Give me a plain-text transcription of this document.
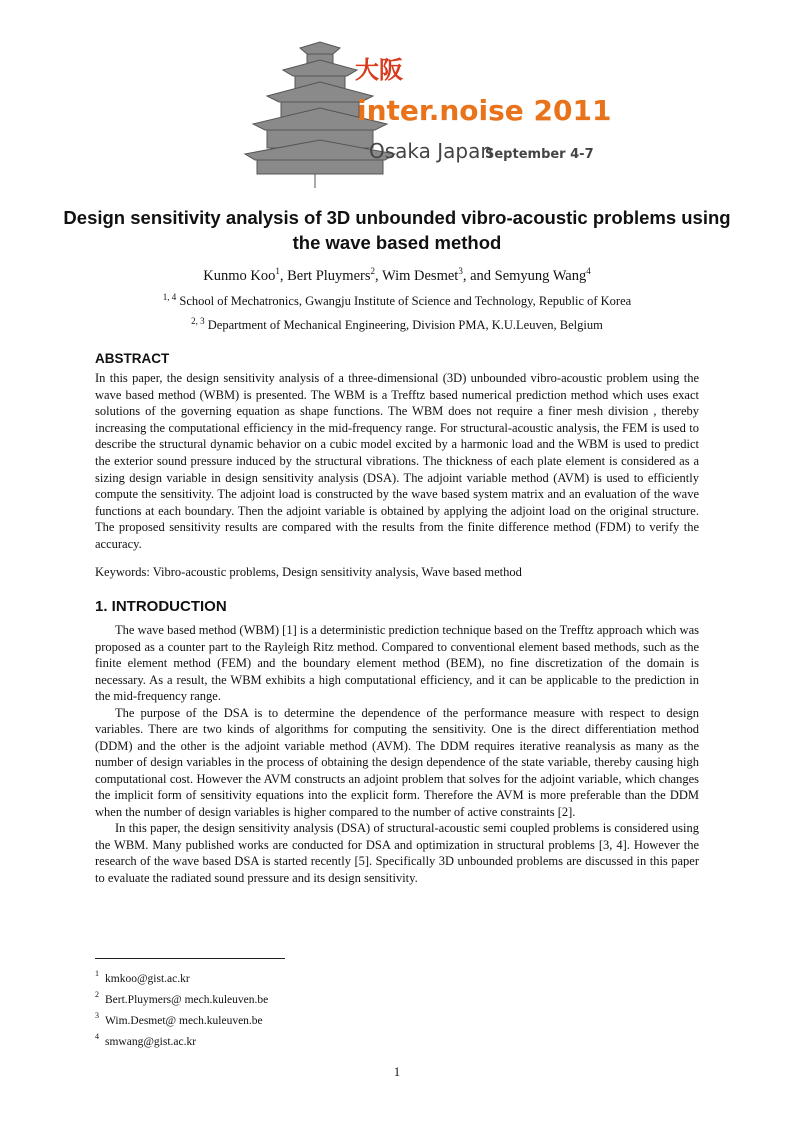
大阪
inter.noise 2011
Osaka Japan
September 4-7
Design sensitivity analysis of 3D unbounded vibro-acoustic problems using the wave based method
Kunmo Koo$^1$, Bert Pluymers$^2$, Wim Desmet$^3$, and Semyung Wang$^4$
$^{1, 4}$ School of Mechatronics, Gwangju Institute of Science and Technology, Republic of Korea
$^{2, 3}$ Department of Mechanical Engineering, Division PMA, K.U.Leuven, Belgium
ABSTRACT

In this paper, the design sensitivity analysis of a three-dimensional (3D) unbounded vibro-acoustic problem using the wave based method (WBM) is presented. The WBM is a Trefftz based numerical prediction method which uses exact solutions of the governing equation as shape functions. The WBM does not require a finer mesh division , thereby increasing the computational efficiency in the mid-frequency range. For structural-acoustic analysis, the FEM is used to describe the structural dynamic behavior on a cubic model excited by a harmonic load and the WBM is used to predict the exterior sound pressure induced by the structural vibrations. The thickness of each plate element is considered as a sizing design variable in design sensitivity analysis (DSA). The adjoint variable method (AVM) is used to efficiently compute the sensitivity. The adjoint load is constructed by the wave based system matrix and an evaluation of the wave functions at each boundary. Then the adjoint variable is obtained by applying the adjoint load on the original structure. The proposed sensitivity results are compared with the results from the finite difference method (FDM) to verify the accuracy.

Keywords: Vibro-acoustic problems, Design sensitivity analysis, Wave based method

1. INTRODUCTION

The wave based method (WBM) [1] is a deterministic prediction technique based on the Trefftz approach which was proposed as a counter part to the Rayleigh Ritz method. Compared to conventional element based methods, such as the finite element method (FEM) and the boundary element method (BEM), no fine discretization of the domain is necessary. As a result, the WBM exhibits a high computational efficiency, and it can be applicable to the prediction in the mid-frequency range.

The purpose of the DSA is to determine the dependence of the performance measure with respect to design variables. There are two kinds of algorithms for computing the sensitivity. One is the direct differentiation method (DDM) and the other is the adjoint variable method (AVM). The DDM requires iterative reanalysis as many as the number of design variables in the process of obtaining the design dependence of the state variable, thereby causing high computational cost. However the AVM constructs an adjoint problem that solves for the adjoint variable, which changes the implicit form of sensitivity equations into the explicit form. Therefore the AVM is more preferable than the DDM when the number of design variables is higher compared to the number of active constraints [2].

In this paper, the design sensitivity analysis (DSA) of structural-acoustic semi coupled problems is considered using the WBM. Many published works are conducted for DSA and optimization in structural problems [3, 4]. However the research of the wave based DSA is started recently [5]. Specifically 3D unbounded problems are discussed in this paper to evaluate the radiated sound pressure and its design sensitivity.

$^1$ kmkoo@gist.ac.kr
$^2$ Bert.Pluymers@ mech.kuleuven.be
$^3$ Wim.Desmet@ mech.kuleuven.be
$^4$ smwang@gist.ac.kr
1
